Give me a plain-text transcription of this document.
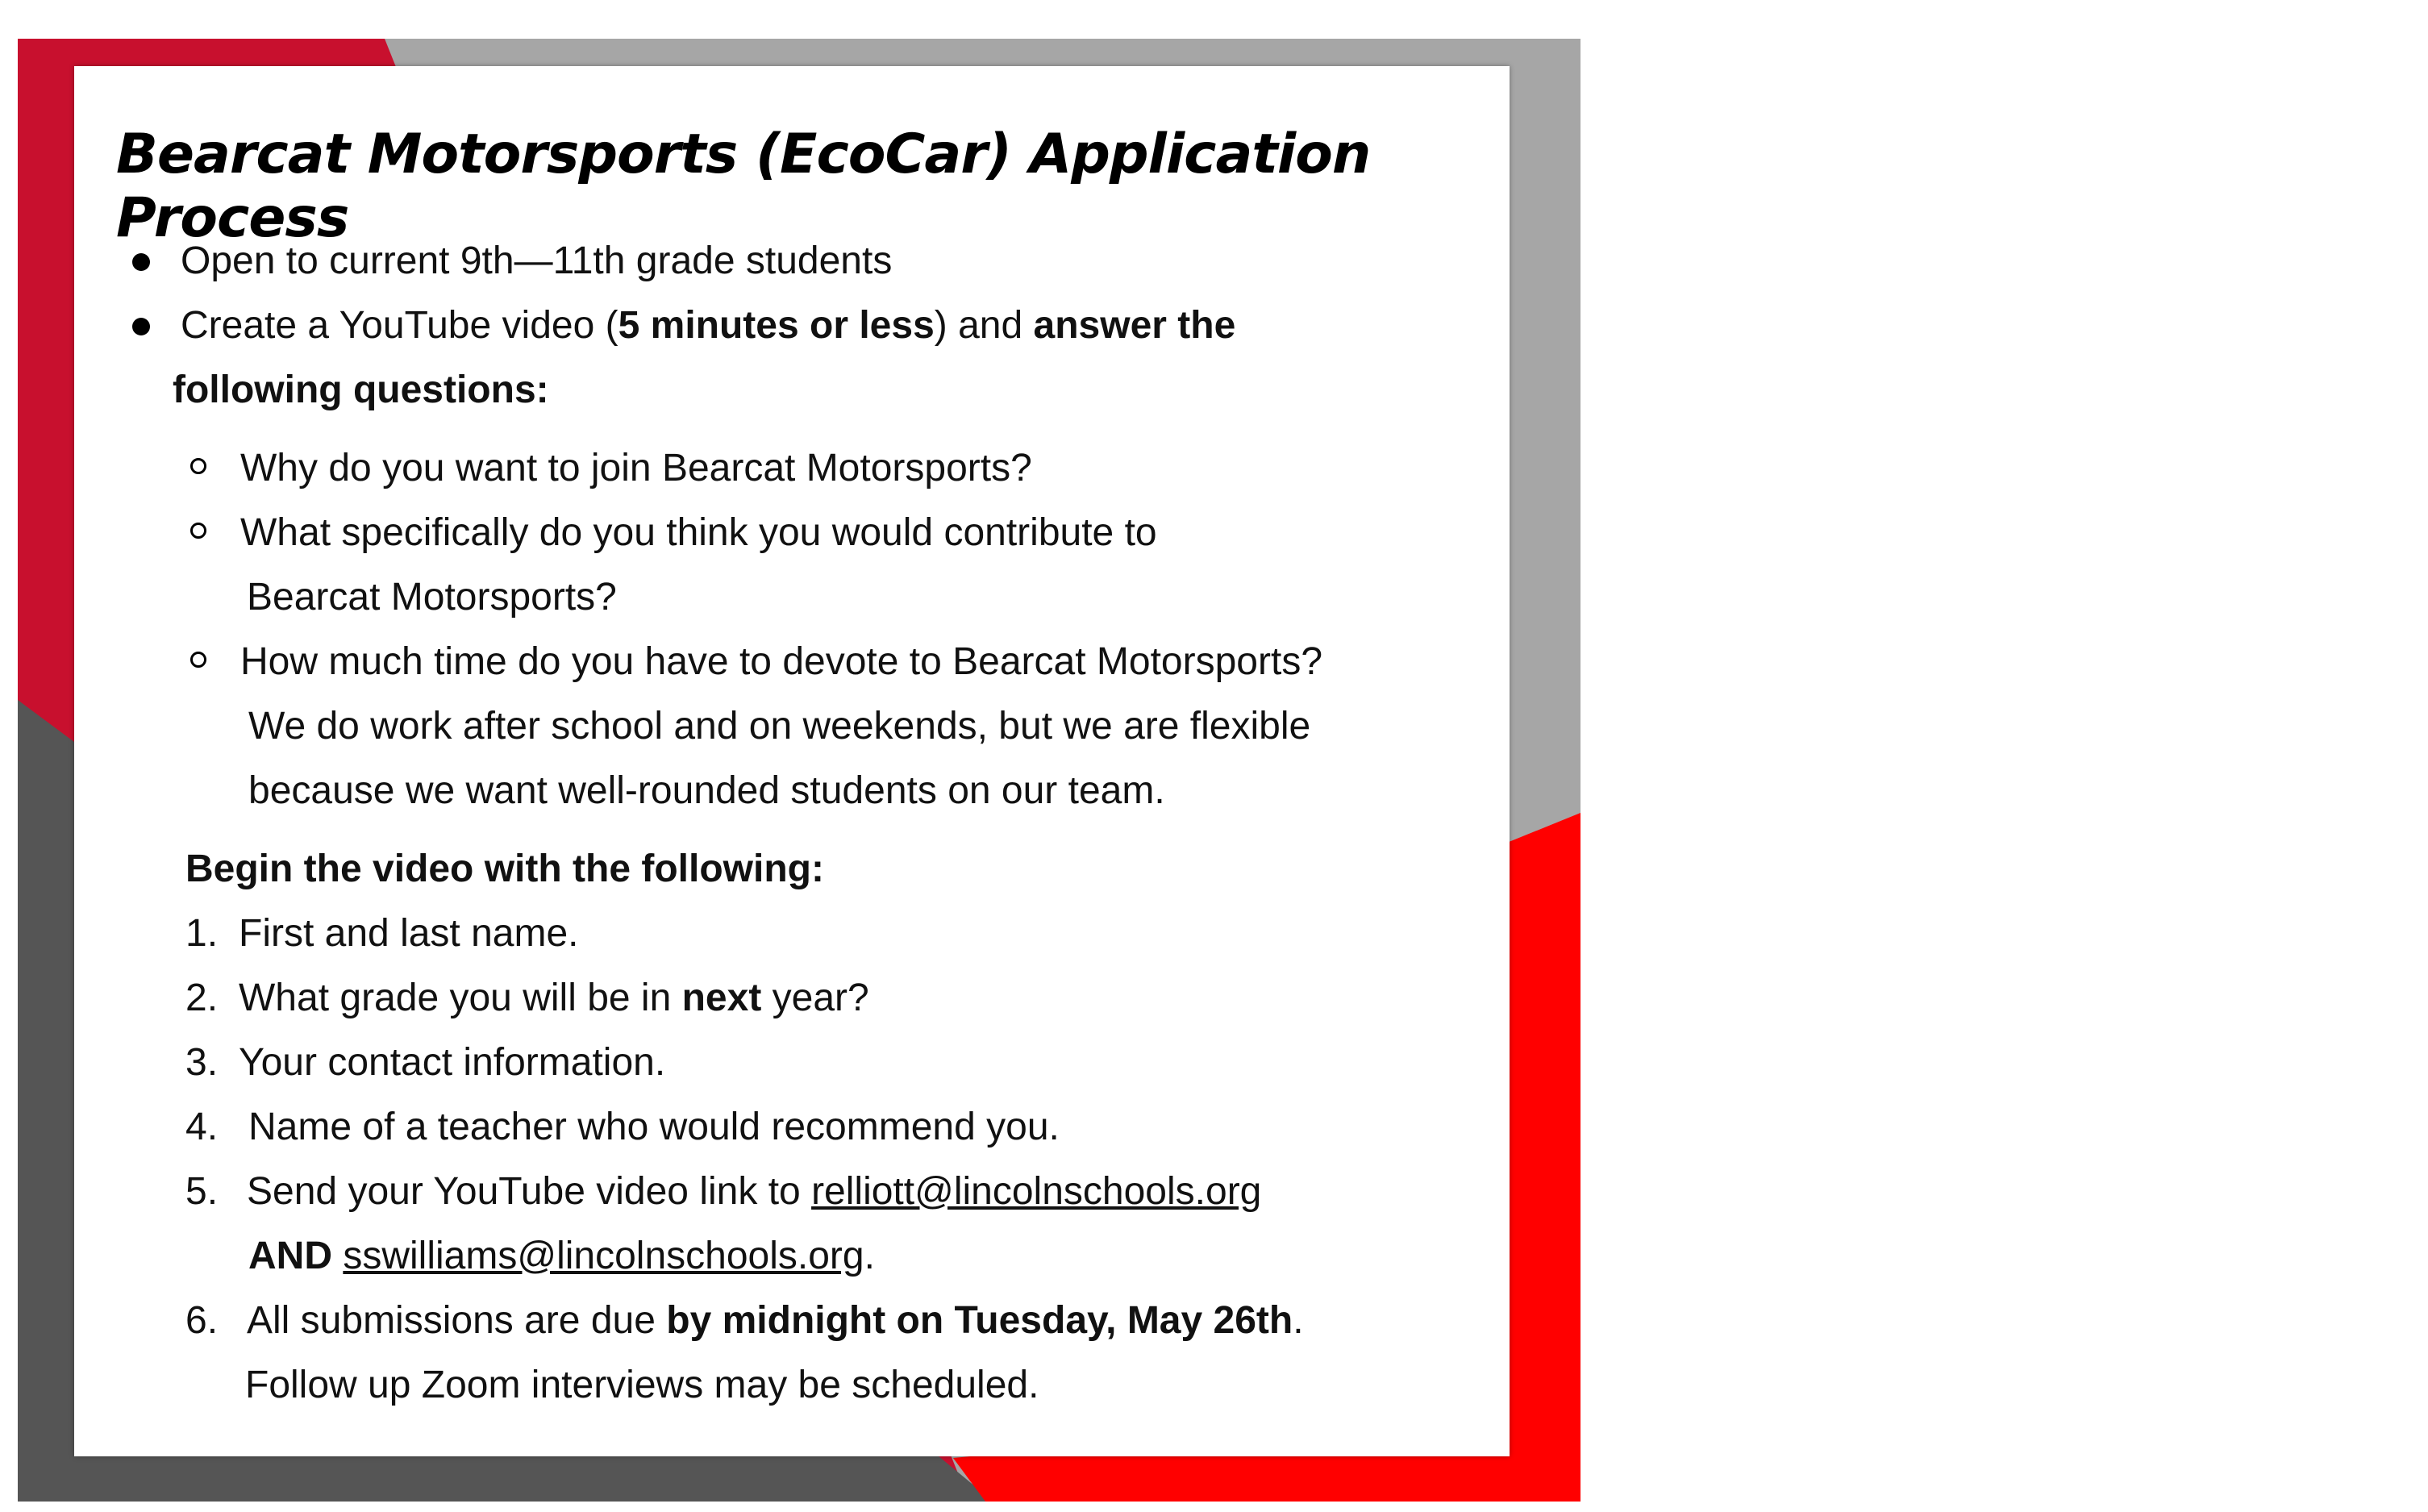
Bearcat Motorsports (EcoCar) Application Process
Open to current 9th—11th grade students
Create a YouTube video (5 minutes or less) and answer the
following questions:
Why do you want to join Bearcat Motorsports?
What specifically do you think you would contribute to
Bearcat Motorsports?
How much time do you have to devote to Bearcat Motorsports?
We do work after school and on weekends, but we are flexible
because we want well-rounded students on our team.
Begin the video with the following:
1. First and last name.
2. What grade you will be in next year?
3. Your contact information.
4. Name of a teacher who would recommend you.
5. Send your YouTube video link to relliott@lincolnschools.org
AND sswilliams@lincolnschools.org.
6. All submissions are due by midnight on Tuesday, May 26th.
Follow up Zoom interviews may be scheduled.
